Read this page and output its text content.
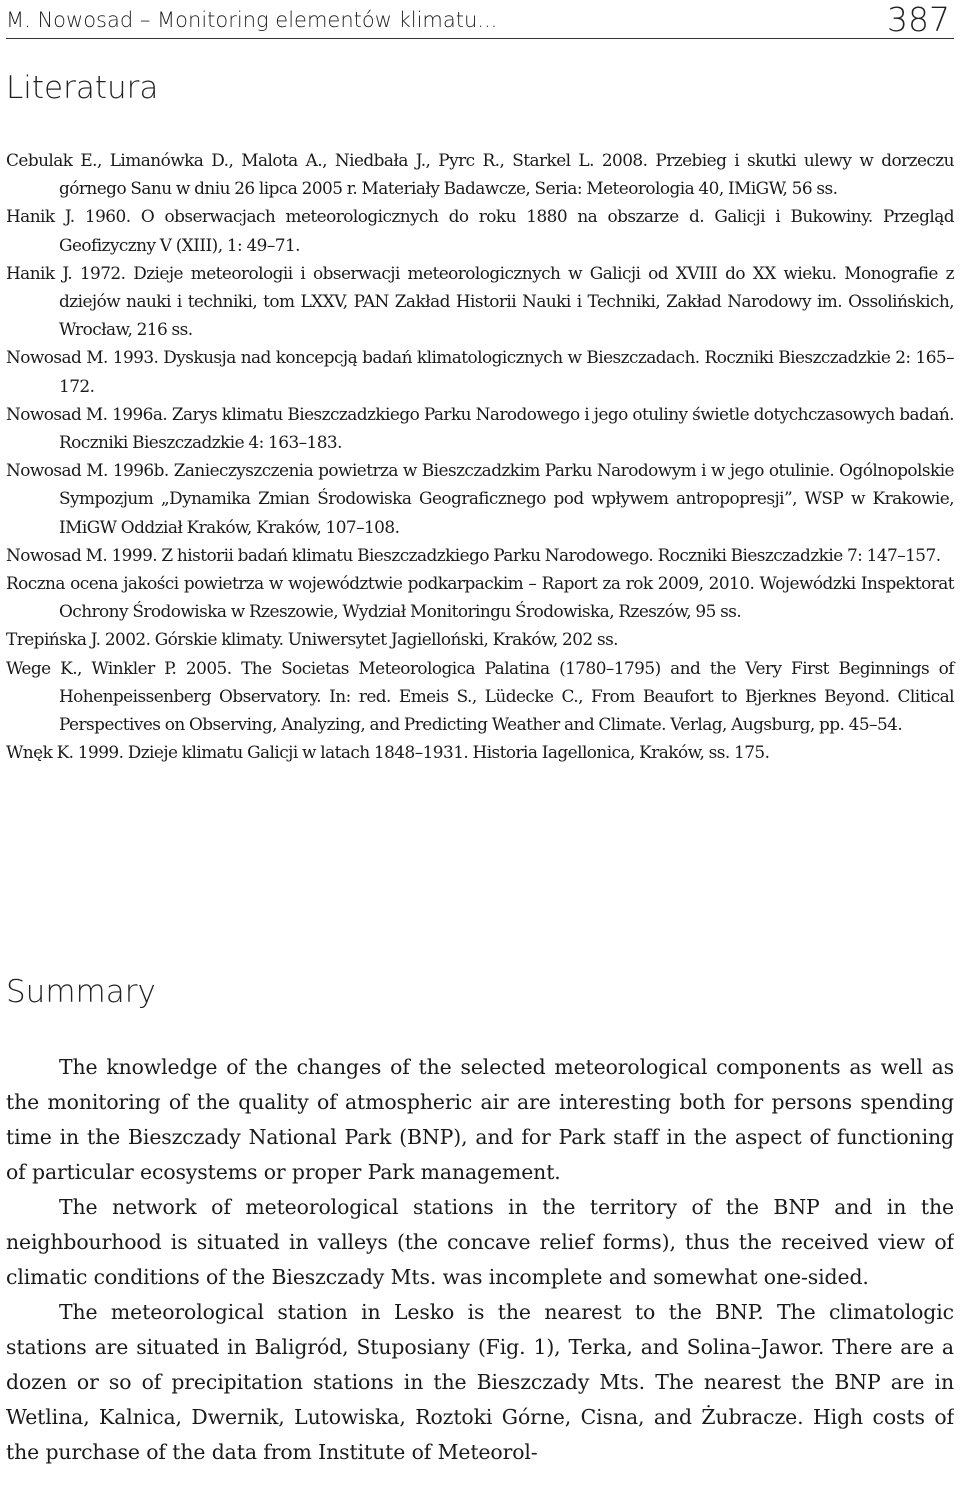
M. Nowosad – Monitoring elementów klimatu...	387
Literatura
Cebulak E., Limanówka D., Malota A., Niedbała J., Pyrc R., Starkel L. 2008. Przebieg i skutki ulewy w dorzeczu górnego Sanu w dniu 26 lipca 2005 r. Materiały Badawcze, Seria: Meteorologia 40, IMiGW, 56 ss.
Hanik J. 1960. O obserwacjach meteorologicznych do roku 1880 na obszarze d. Galicji i Bukowiny. Przegląd Geofizyczny V (XIII), 1: 49–71.
Hanik J. 1972. Dzieje meteorologii i obserwacji meteorologicznych w Galicji od XVIII do XX wieku. Monografie z dziejów nauki i techniki, tom LXXV, PAN Zakład Historii Nauki i Techniki, Zakład Narodowy im. Ossolińskich, Wrocław, 216 ss.
Nowosad M. 1993. Dyskusja nad koncepcją badań klimatologicznych w Bieszczadach. Roczniki Bieszczadzkie 2: 165–172.
Nowosad M. 1996a. Zarys klimatu Bieszczadzkiego Parku Narodowego i jego otuliny świetle dotychczasowych badań. Roczniki Bieszczadzkie 4: 163–183.
Nowosad M. 1996b. Zanieczyszczenia powietrza w Bieszczadzkim Parku Narodowym i w jego otulinie. Ogólnopolskie Sympozjum „Dynamika Zmian Środowiska Geograficznego pod wpływem antropopresji”, WSP w Krakowie, IMiGW Oddział Kraków, Kraków, 107–108.
Nowosad M. 1999. Z historii badań klimatu Bieszczadzkiego Parku Narodowego. Roczniki Bieszczadzkie 7: 147–157.
Roczna ocena jakości powietrza w województwie podkarpackim – Raport za rok 2009, 2010. Wojewódzki Inspektorat Ochrony Środowiska w Rzeszowie, Wydział Monitoringu Środowiska, Rzeszów, 95 ss.
Trepińska J. 2002. Górskie klimaty. Uniwersytet Jagielloński, Kraków, 202 ss.
Wege K., Winkler P. 2005. The Societas Meteorologica Palatina (1780–1795) and the Very First Beginnings of Hohenpeissenberg Observatory. In: red. Emeis S., Lüdecke C., From Beaufort to Bjerknes Beyond. Clitical Perspectives on Observing, Analyzing, and Predicting Weather and Climate. Verlag, Augsburg, pp. 45–54.
Wnęk K. 1999. Dzieje klimatu Galicji w latach 1848–1931. Historia Iagellonica, Kraków, ss. 175.
Summary

The knowledge of the changes of the selected meteorological components as well as the monitoring of the quality of atmospheric air are interesting both for persons spending time in the Bieszczady National Park (BNP), and for Park staff in the aspect of functioning of particular ecosystems or proper Park management.

The network of meteorological stations in the territory of the BNP and in the neighbourhood is situated in valleys (the concave relief forms), thus the received view of climatic conditions of the Bieszczady Mts. was incomplete and somewhat one-sided.

The meteorological station in Lesko is the nearest to the BNP. The climatologic stations are situated in Baligród, Stuposiany (Fig. 1), Terka, and Solina–Jawor. There are a dozen or so of precipitation stations in the Bieszczady Mts. The nearest the BNP are in Wetlina, Kalnica, Dwernik, Lutowiska, Roztoki Górne, Cisna, and Żubracze. High costs of the purchase of the data from Institute of Meteorol-
